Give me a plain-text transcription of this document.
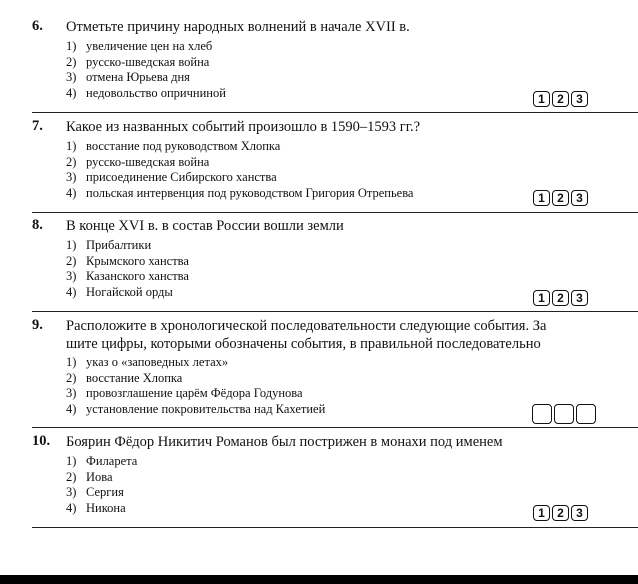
6. Отметьте причину народных волнений в начале XVII в.
1) увеличение цен на хлеб
2) русско-шведская война
3) отмена Юрьева дня
4) недовольство опричниной	1	2	3
7. Какое из названных событий произошло в 1590–1593 гг.?
1) восстание под руководством Хлопка
2) русско-шведская война
3) присоединение Сибирского ханства
4) польская интервенция под руководством Григория Отрепьева	1	2	3
8. В конце XVI в. в состав России вошли земли
1) Прибалтики
2) Крымского ханства
3) Казанского ханства
4) Ногайской орды	1	2	3
9. Расположите в хронологической последовательности следующие события. За
шите цифры, которыми обозначены события, в правильной последовательно
1) указ о «заповедных летах»
2) восстание Хлопка
3) провозглашение царём Фёдора Годунова
4) установление покровительства над Кахетией
10. Боярин Фёдор Никитич Романов был пострижен в монахи под именем
1) Филарета
2) Иова
3) Сергия
4) Никона	1	2	3
